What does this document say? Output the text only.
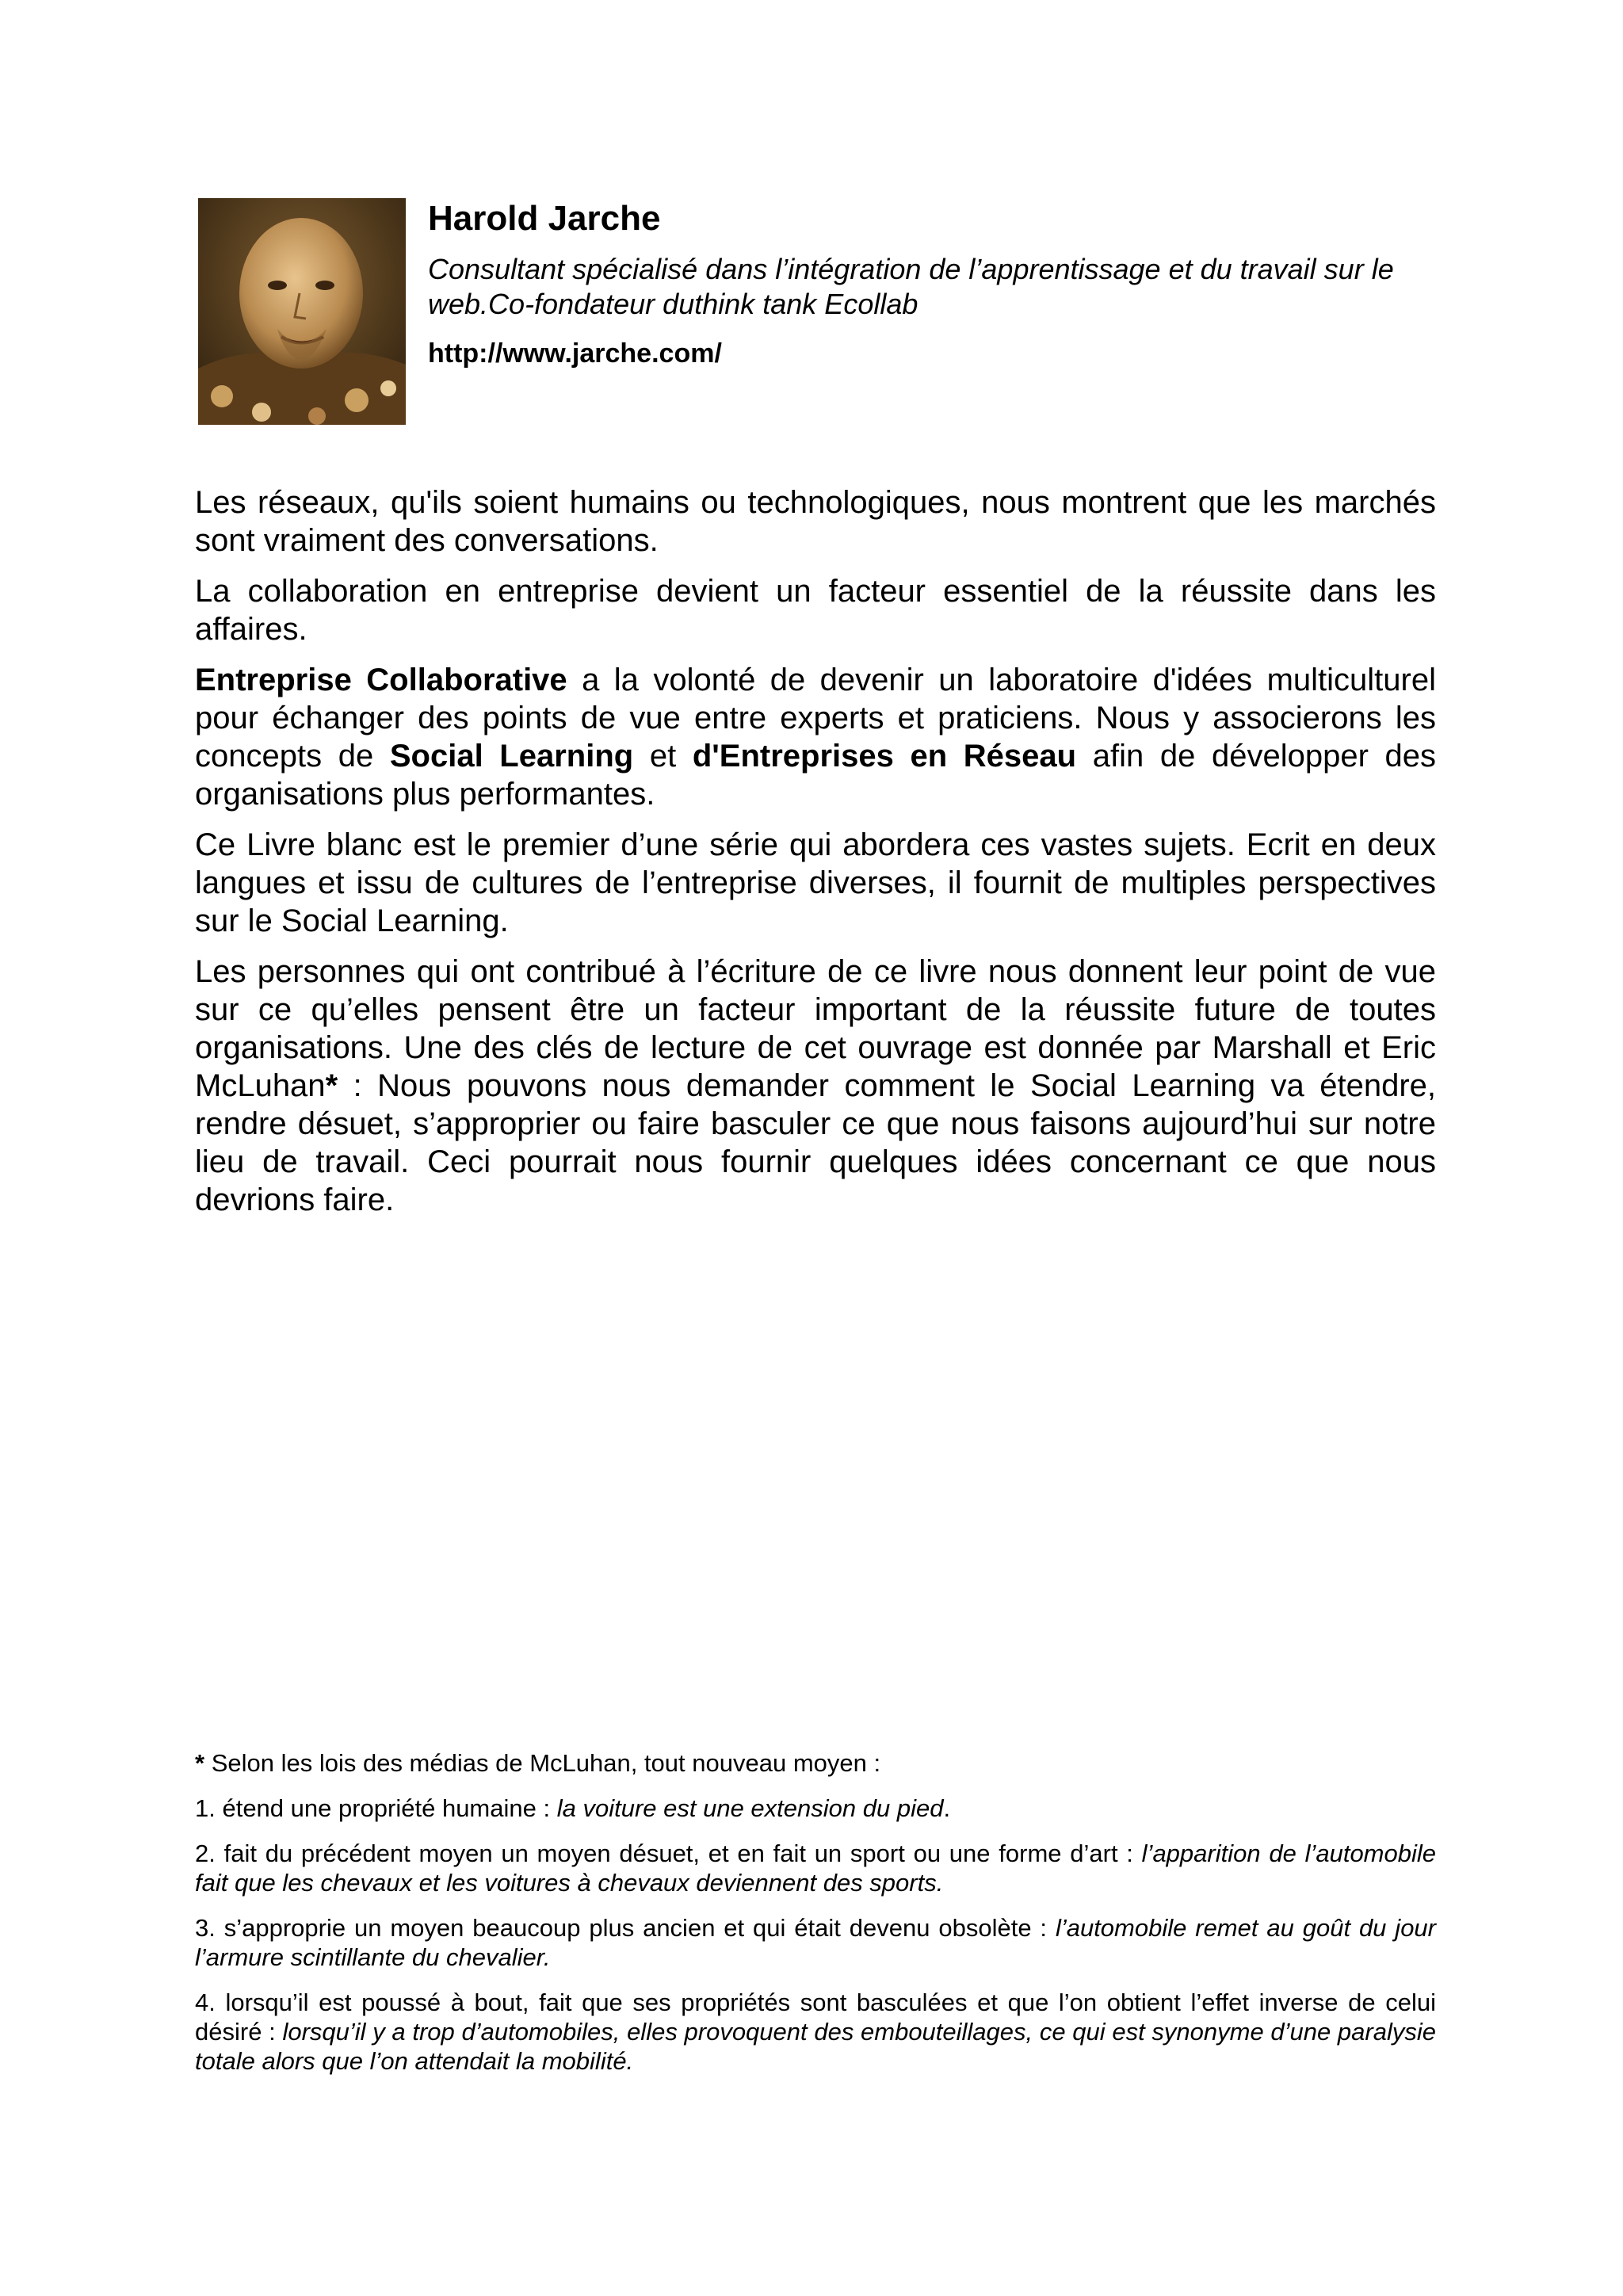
Harold Jarche

Consultant spécialisé dans l’intégration de l’apprentissage et du travail sur le web.Co-fondateur duthink tank Ecollab

http://www.jarche.com/

Les réseaux, qu'ils soient humains ou technologiques, nous montrent que les marchés sont vraiment des conversations.

La collaboration en entreprise devient un facteur essentiel de la réussite dans les affaires.

Entreprise Collaborative a la volonté de devenir un laboratoire d'idées multiculturel pour échanger des points de vue entre experts et praticiens. Nous y associerons les concepts de Social Learning et d'Entreprises en Réseau afin de développer des organisations plus performantes.

Ce Livre blanc est le premier d’une série qui abordera ces vastes sujets. Ecrit en deux langues et issu de cultures de l’entreprise diverses, il fournit de multiples perspectives sur le Social Learning.

Les personnes qui ont contribué à l’écriture de ce livre nous donnent leur point de vue sur ce qu’elles pensent être un facteur important de la réussite future de toutes organisations. Une des clés de lecture de cet ouvrage est donnée par Marshall et Eric McLuhan* : Nous pouvons nous demander comment le Social Learning va étendre, rendre désuet, s’approprier ou faire basculer ce que nous faisons aujourd’hui sur notre lieu de travail. Ceci pourrait nous fournir quelques idées concernant ce que nous devrions faire.

* Selon les lois des médias de McLuhan, tout nouveau moyen :

1. étend une propriété humaine : la voiture est une extension du pied.

2. fait du précédent moyen un moyen désuet, et en fait un sport ou une forme d’art : l’apparition de l’automobile fait que les chevaux et les voitures à chevaux deviennent des sports.

3. s’approprie un moyen beaucoup plus ancien et qui était devenu obsolète : l’automobile remet au goût du jour l’armure scintillante du chevalier.

4. lorsqu’il est poussé à bout, fait que ses propriétés sont basculées et que l’on obtient l’effet inverse de celui désiré : lorsqu’il y a trop d’automobiles, elles provoquent des embouteillages, ce qui est synonyme d’une paralysie totale alors que l’on attendait la mobilité.
